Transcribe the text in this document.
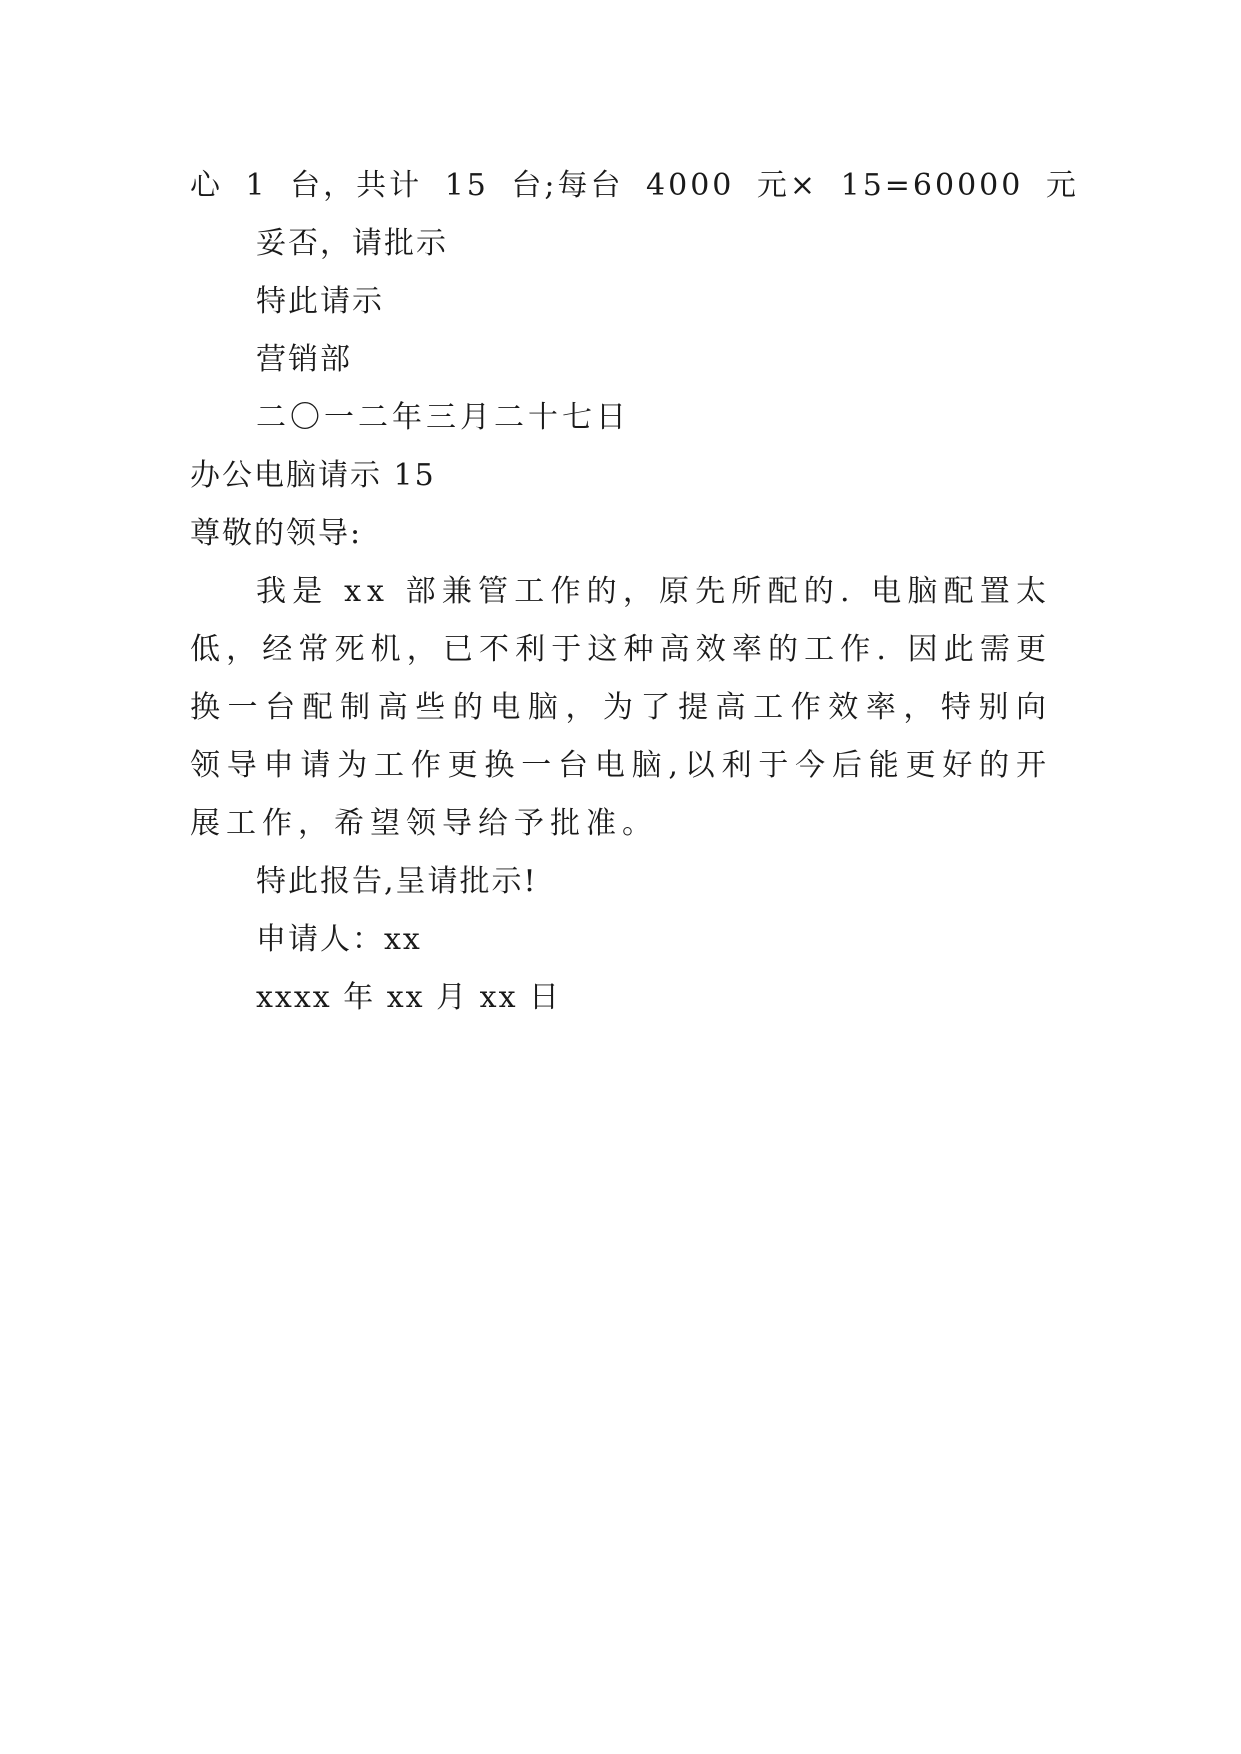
心 1 台，共计 15 台;每台 4000 元× 15=60000 元
妥否，请批示
特此请示
营销部
二〇一二年三月二十七日
办公电脑请示 15
尊敬的领导:
我是 xx 部兼管工作的，原先所配的. 电脑配置太低，经常死机，已不利于这种高效率的工作. 因此需更换一台配制高些的电脑，为了提高工作效率，特别向领导申请为工作更换一台电脑,以利于今后能更好的开展工作，希望领导给予批准。
特此报告,呈请批示!
申请人：xx
xxxx 年 xx 月 xx 日
